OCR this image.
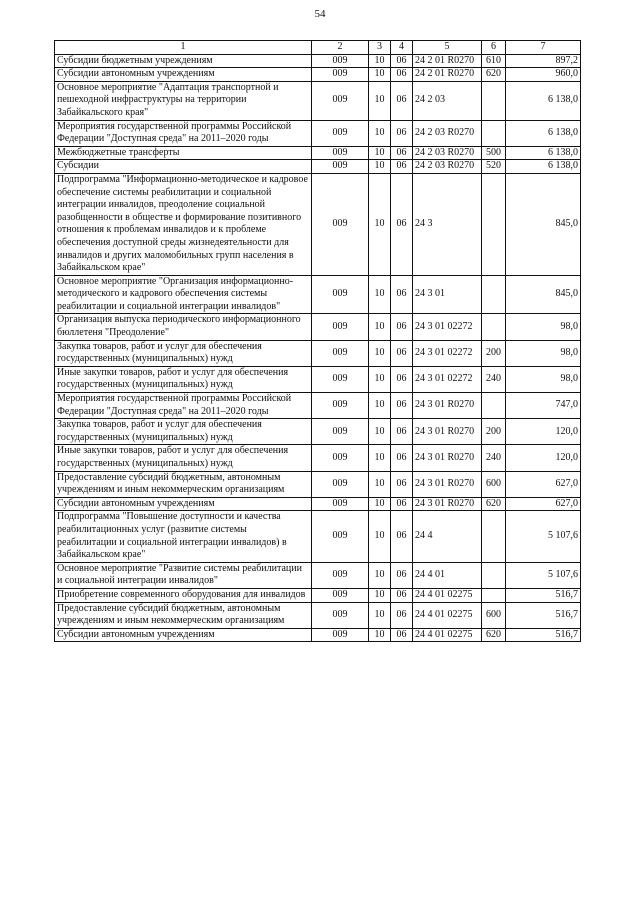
54
1	2	3	4	5	6	7
Субсидии бюджетным учреждениям	009	10	06	24 2 01 R0270	610	897,2
Субсидии автономным учреждениям	009	10	06	24 2 01 R0270	620	960,0
Основное мероприятие "Адаптация транспортной и пешеходной инфраструктуры на территории Забайкальского края"	009	10	06	24 2 03		6 138,0
Мероприятия государственной программы Российской Федерации "Доступная среда" на 2011–2020 годы	009	10	06	24 2 03 R0270		6 138,0
Межбюджетные трансферты	009	10	06	24 2 03 R0270	500	6 138,0
Субсидии	009	10	06	24 2 03 R0270	520	6 138,0
Подпрограмма "Информационно-методическое и кадровое обеспечение системы реабилитации и социальной интеграции инвалидов, преодоление социальной разобщенности в обществе и формирование позитивного отношения к проблемам инвалидов и к проблеме обеспечения доступной среды жизнедеятельности для инвалидов и других маломобильных групп населения в Забайкальском крае"	009	10	06	24 3		845,0
Основное мероприятие "Организация информационно-методического и кадрового обеспечения системы реабилитации и социальной интеграции инвалидов"	009	10	06	24 3 01		845,0
Организация выпуска периодического информационного бюллетеня "Преодоление"	009	10	06	24 3 01 02272		98,0
Закупка товаров, работ и услуг для обеспечения государственных (муниципальных) нужд	009	10	06	24 3 01 02272	200	98,0
Иные закупки товаров, работ и услуг для обеспечения государственных (муниципальных) нужд	009	10	06	24 3 01 02272	240	98,0
Мероприятия государственной программы Российской Федерации "Доступная среда" на 2011–2020 годы	009	10	06	24 3 01 R0270		747,0
Закупка товаров, работ и услуг для обеспечения государственных (муниципальных) нужд	009	10	06	24 3 01 R0270	200	120,0
Иные закупки товаров, работ и услуг для обеспечения государственных (муниципальных) нужд	009	10	06	24 3 01 R0270	240	120,0
Предоставление субсидий бюджетным, автономным учреждениям и иным некоммерческим организациям	009	10	06	24 3 01 R0270	600	627,0
Субсидии автономным учреждениям	009	10	06	24 3 01 R0270	620	627,0
Подпрограмма "Повышение доступности и качества реабилитационных услуг (развитие системы реабилитации и социальной интеграции инвалидов) в Забайкальском крае"	009	10	06	24 4		5 107,6
Основное мероприятие "Развитие системы реабилитации и социальной интеграции инвалидов"	009	10	06	24 4 01		5 107,6
Приобретение современного оборудования для инвалидов	009	10	06	24 4 01 02275		516,7
Предоставление субсидий бюджетным, автономным учреждениям и иным некоммерческим организациям	009	10	06	24 4 01 02275	600	516,7
Субсидии автономным учреждениям	009	10	06	24 4 01 02275	620	516,7
